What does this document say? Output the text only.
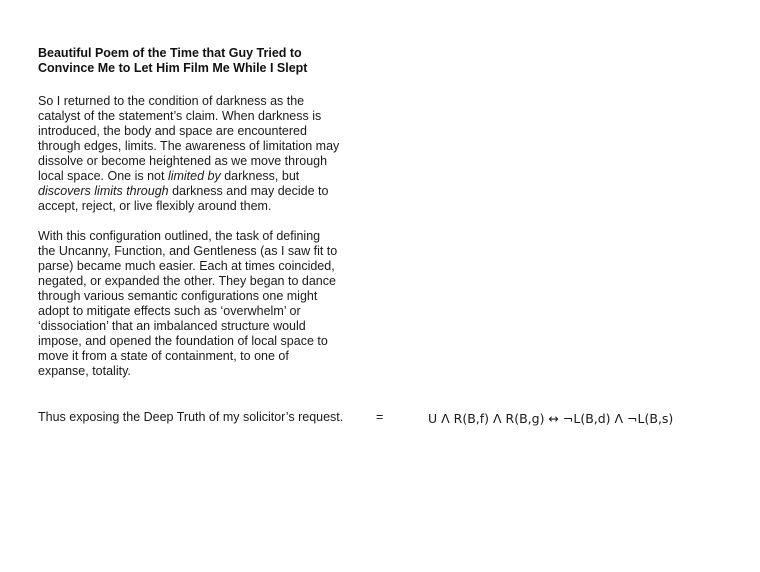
Beautiful Poem of the Time that Guy Tried to
Convince Me to Let Him Film Me While I Slept

So I returned to the condition of darkness as the
catalyst of the statement’s claim. When darkness is
introduced, the body and space are encountered
through edges, limits. The awareness of limitation may
dissolve or become heightened as we move through
local space. One is not limited by darkness, but
discovers limits through darkness and may decide to
accept, reject, or live flexibly around them.

With this configuration outlined, the task of defining
the Uncanny, Function, and Gentleness (as I saw fit to
parse) became much easier. Each at times coincided,
negated, or expanded the other. They began to dance
through various semantic configurations one might
adopt to mitigate effects such as ‘overwhelm’ or
‘dissociation’ that an imbalanced structure would
impose, and opened the foundation of local space to
move it from a state of containment, to one of
expanse, totality.

Thus exposing the Deep Truth of my solicitor’s request.	=	U Λ R(B,f) Λ R(B,g) ↔ ¬L(B,d) Λ ¬L(B,s)
